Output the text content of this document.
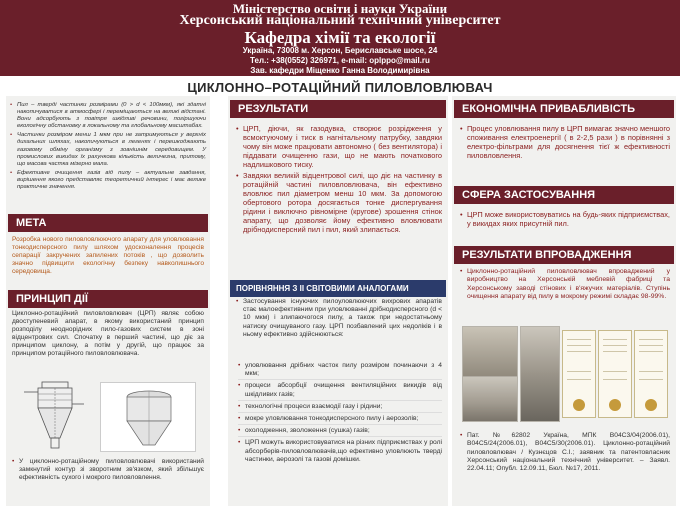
Міністерство освіти і науки України
Херсонський національний технічний університет
Кафедра хімії та екології
Україна, 73008 м. Херсон, Бериславське шосе, 24
Тел.: +38(0552) 326971, e-mail: oplppo@mail.ru
Зав. кафедри Міщенко Ганна Володимирівна
ЦИКЛОННО–РОТАЦІЙНИЙ ПИЛОВЛОВЛЮВАЧ
• Пил – тверді частинки розмірами (0 > d < 100мкм), які здатні накопичуватися в атмосфері і переміщаються на великі відстані. Вони адсорбують з повітря шкідливі речовини, погіршуючи екологічну обстановку в локальному та глобальному масштабах.
• Частинки розміром менш 1 мкм при не затримуються у верхніх дихальних шляхах, накопичуються в легенях і перешкоджають газовому обміну організму з зовнішнім середовищем. У промислових викидах їх рахункова кількість величезна, притому, що масова частка мізерно мала.
• Ефективне очищення газів від пилу – актуальне завдання, вирішення якого представляє теоретичний інтерес і має велике практичне значення.
МЕТА
Розробка нового пиловловлюючого апарату для уловлювання тонкодисперсного пилу шляхом удосконалення процесів сепарації закручених запилених потоків , що дозволить значно підвищити екологічну безпеку навколишнього середовища.
ПРИНЦИП ДІЇ
Циклонно-ротаційний пиловловлювач (ЦРП) являє собою двоступеневий апарат, в якому використаний принцип розподілу неоднорідних пило-газових систем в зоні відцентрових сил. Спочатку в перший частині, що діє за принципом циклону, а потім у другій, що працює за принципом ротаційного пиловловлювача.
• У циклонно-ротаційному пиловловлювачі використаний замкнутий контур зі зворотним зв'язком, який збільшує ефективність сухого і мокрого пиловловлення.
РЕЗУЛЬТАТИ
• ЦРП, діючи, як газодувка, створює розрідження у всмоктуючому і тиск в нагнітальному патрубку, завдяки чому він може працювати автономно ( без вентилятора) і піддавати очищенню гази, що не мають початкового надлишкового тиску.
• Завдяки великій відцентрової силі, що діє на частинку в ротаційній частині пиловловлювача, він ефективно вловлює пил діаметром менш 10 мкм. За допомогою обертового ротора досягається тонке диспергування рідини і виключно рівномірне (кругове) зрошення стінок апарату, що дозволяє йому ефективно вловлювати дрібнодисперсний пил і пил, який злипається.
ПОРІВНЯННЯ З ІІ СВІТОВИМИ АНАЛОГАМИ
• Застосування існуючих пилоуловлюючих вихрових апаратів стає малоефективним при уловлюванні дрібнодисперсного (d < 10 мкм) і злипаючогося пилу, а також при недостатньому натиску очищуваного газу. ЦРП позбавлений цих недоліків і в ньому ефективно здійснюються:
• уловлювання дрібних часток пилу розміром починаючи з 4 мкм;
• процеси абсорбції очищення вентиляційних викидів від шкідливих газів;
• технологічні процеси взаємодії газу і рідини;
• мокре уловлювання тонкодисперсного пилу і аерозолів;
• охолодження, зволоження (сушка) газів;
• ЦРП можуть використовуватися на різних підприємствах у ролі абсорберів-пиловловлювачів,що ефективно уловлюють тверді частинки, аерозолі та газові домішки.
ЕКОНОМІЧНА ПРИВАБЛИВІСТЬ
• Процес уловлювання пилу в ЦРП вимагає значно меншого споживання електроенергії ( в 2-2,5 рази ) в порівнянні з електро-фільтрами для досягнення тієї ж ефективності пиловловлення.
СФЕРА ЗАСТОСУВАННЯ
• ЦРП може використовуватись на будь-яких підприємствах, у викидах яких присутній пил.
РЕЗУЛЬТАТИ ВПРОВАДЖЕННЯ
• Циклонно-ротаційний пиловловлювач впроваджений у виробництво на Херсонській меблевій фабриці та Херсонському заводі стінових і в'яжучих матеріалів. Ступінь очищення апарату від пилу в мокрому режимі складає 98-99%.
• Пат. №62802 Україна, МПК В04С3/04(2006.01), В04С5/24(2006.01), В04С5/30(2006.01). Циклонно-ротаційний пиловловлювач / Кузнєцов С.І.; заявник та патентовласник Херсонський національний технічний університет. – Заявл. 22.04.11; Опубл. 12.09.11, Бюл. №17, 2011.
